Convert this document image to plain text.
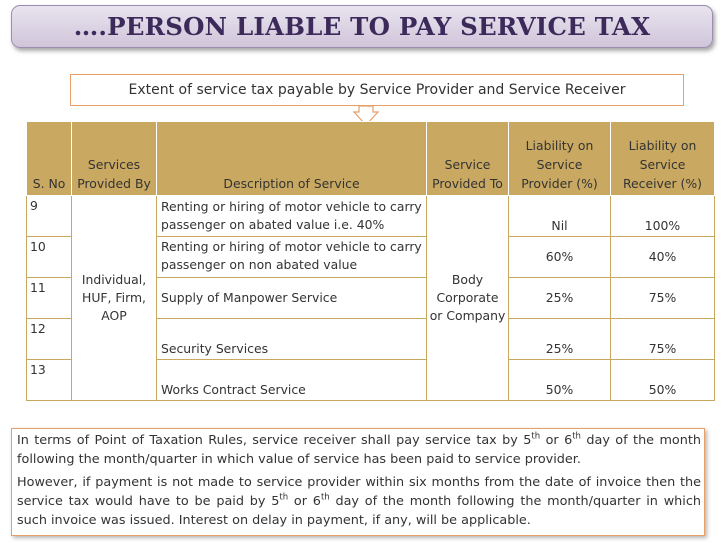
….PERSON LIABLE TO PAY SERVICE TAX
Extent of service tax payable by Service Provider and Service Receiver
S. No	Services Provided By	Description of Service	Service Provided To	Liability on Service Provider (%)	Liability on Service Receiver (%)
9	Individual, HUF, Firm, AOP	Renting or hiring of motor vehicle to carry passenger on abated value i.e. 40%	Body Corporate or Company	Nil	100%
10		Renting or hiring of motor vehicle to carry passenger on non abated value		60%	40%
11		Supply of Manpower Service		25%	75%
12		Security Services		25%	75%
13		Works Contract Service		50%	50%

In terms of Point of Taxation Rules, service receiver shall pay service tax by 5th or 6th day of the month following the month/quarter in which value of service has been paid to service provider.

However, if payment is not made to service provider within six months from the date of invoice then the service tax would have to be paid by 5th or 6th day of the month following the month/quarter in which such invoice was issued. Interest on delay in payment, if any, will be applicable.
